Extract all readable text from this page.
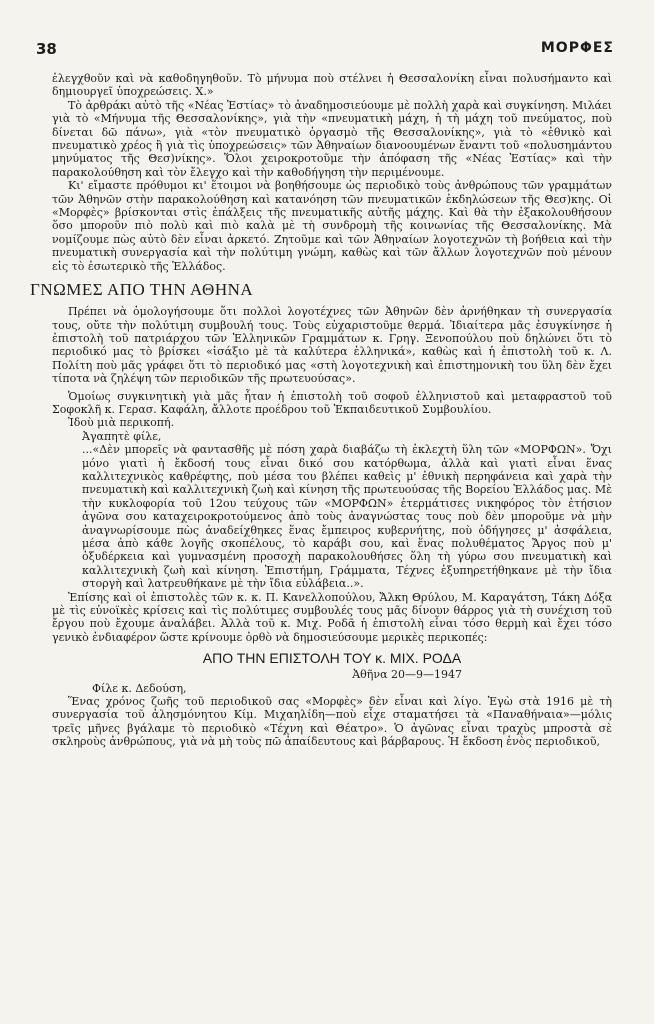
38	ΜΟΡΦΕΣ

ἐλεγχθοῦν καὶ νὰ καθοδηγηθοῦν. Τὸ μήνυμα ποὺ στέλνει ἡ Θεσσαλονίκη εἶναι πολυσήμαντο καὶ δημιουργεῖ ὑποχρεώσεις. Χ.»

Τὸ ἀρθράκι αὐτὸ τῆς «Νέας Ἑστίας» τὸ ἀναδημοσιεύουμε μὲ πολλὴ χαρὰ καὶ συγκίνηση. Μιλάει γιὰ τὸ «Μήνυμα τῆς Θεσσαλονίκης», γιὰ τὴν «πνευματικὴ μάχη, ἡ τὴ μάχη τοῦ πνεύματος, ποὺ δίνεται δῶ πάνω», γιὰ «τὸν πνευματικὸ ὀργασμὸ τῆς Θεσσαλονίκης», γιὰ τὸ «ἐθνικὸ καὶ πνευματικὸ χρέος ἢ γιὰ τὶς ὑποχρεώσεις» τῶν Ἀθηναίων διανοουμένων ἔναντι τοῦ «πολυσημάντου μηνύματος τῆς Θεσ)νίκης». Ὅλοι χειροκροτοῦμε τὴν ἀπόφαση τῆς «Νέας Ἑστίας» καὶ τὴν παρακολούθηση καὶ τὸν ἔλεγχο καὶ τὴν καθοδήγηση τὴν περιμένουμε.

Κι' εἴμαστε πρόθυμοι κι' ἕτοιμοι νὰ βοηθήσουμε ὡς περιοδικὸ τοὺς ἀνθρώπους τῶν γραμμάτων τῶν Ἀθηνῶν στὴν παρακολούθηση καὶ κατανόηση τῶν πνευματικῶν ἐκδηλώσεων τῆς Θεσ)κης. Οἱ «Μορφὲς» βρίσκονται στὶς ἐπάλξεις τῆς πνευματικῆς αὐτῆς μάχης. Καὶ θὰ τὴν ἐξακολουθήσουν ὅσο μποροῦν πιὸ πολὺ καὶ πιὸ καλὰ μὲ τὴ συνδρομὴ τῆς κοινωνίας τῆς Θεσσαλονίκης. Μὰ νομίζουμε πὼς αὐτὸ δὲν εἶναι ἀρκετό. Ζητοῦμε καὶ τῶν Ἀθηναίων λογοτεχνῶν τὴ βοήθεια καὶ τὴν πνευματικὴ συνεργασία καὶ τὴν πολύτιμη γνώμη, καθὼς καὶ τῶν ἄλλων λογοτεχνῶν ποὺ μένουν εἰς τὸ ἐσωτερικὸ τῆς Ἑλλάδος.

ΓΝΩΜΕΣ ΑΠΟ ΤΗΝ ΑΘΗΝΑ

Πρέπει νὰ ὁμολογήσουμε ὅτι πολλοὶ λογοτέχνες τῶν Ἀθηνῶν δὲν ἀρνήθηκαν τὴ συνεργασία τους, οὔτε τὴν πολύτιμη συμβουλή τους. Τοὺς εὐχαριστοῦμε θερμά. Ἰδιαίτερα μᾶς ἐσυγκίνησε ἡ ἐπιστολὴ τοῦ πατριάρχου τῶν Ἑλληνικῶν Γραμμάτων κ. Γρηγ. Ξενοπούλου ποὺ δηλώνει ὅτι τὸ περιοδικό μας τὸ βρίσκει «ἰσάξιο μὲ τὰ καλύτερα ἑλληνικά», καθὼς καὶ ἡ ἐπιστολὴ τοῦ κ. Λ. Πολίτη ποὺ μᾶς γράφει ὅτι τὸ περιοδικό μας «στὴ λογοτεχνικὴ καὶ ἐπιστημονικὴ του ὕλη δὲν ἔχει τίποτα νὰ ζηλέψη τῶν περιοδικῶν τῆς πρωτευούσας».

Ὁμοίως συγκινητικὴ γιὰ μᾶς ἦταν ἡ ἐπιστολὴ τοῦ σοφοῦ ἑλληνιστοῦ καὶ μεταφραστοῦ τοῦ Σοφοκλῆ κ. Γερασ. Καφάλη, ἄλλοτε προέδρου τοῦ Ἐκπαιδευτικοῦ Συμβουλίου.

Ἰδοὺ μιὰ περικοπή.

Ἀγαπητὲ φίλε,

...«Δὲν μπορεῖς νὰ φαντασθῆς μὲ πόση χαρὰ διαβάζω τὴ ἐκλεχτὴ ὕλη τῶν «ΜΟΡΦΩΝ». Ὄχι μόνο γιατὶ ἡ ἔκδοσή τους εἶναι δικό σου κατόρθωμα, ἀλλὰ καὶ γιατὶ εἶναι ἕνας καλλιτεχνικὸς καθρέφτης, ποὺ μέσα του βλέπει καθεὶς μ' ἐθνικὴ περηφάνεια καὶ χαρὰ τὴν πνευματικὴ καὶ καλλιτεχνικὴ ζωὴ καὶ κίνηση τῆς πρωτευούσας τῆς Βορείου Ἑλλάδος μας. Μὲ τὴν κυκλοφορία τοῦ 12ου τεύχους τῶν «ΜΟΡΦΩΝ» ἐτερμάτισες νικηφόρος τὸν ἐτήσιον ἀγῶνα σου καταχειροκροτούμενος ἀπὸ τοὺς ἀναγνώστας τους ποὺ δὲν μποροῦμε νὰ μὴν ἀναγνωρίσουμε πὼς ἀναδείχθηκες ἕνας ἔμπειρος κυβερνήτης, ποὺ ὁδήγησες μ' ἀσφάλεια, μέσα ἀπὸ κάθε λογῆς σκοπέλους, τὸ καράβι σου, καὶ ἕνας πολυθέματος Ἄργος ποὺ μ' ὀξυδέρκεια καὶ γυμνασμένη προσοχὴ παρακολουθήσες ὅλη τὴ γύρω σου πνευματικὴ καὶ καλλιτεχνικὴ ζωὴ καὶ κίνηση. Ἐπιστήμη, Γράμματα, Τέχνες ἐξυπηρετήθηκανε μὲ τὴν ἴδια στοργὴ καὶ λατρευθήκανε μὲ τὴν ἴδια εὐλάβεια..».

Ἐπίσης καὶ οἱ ἐπιστολὲς τῶν κ. κ. Π. Κανελλοπούλου, Ἄλκη Θρύλου, Μ. Καραγάτση, Τάκη Δόξα μὲ τὶς εὐνοϊκὲς κρίσεις καὶ τὶς πολύτιμες συμβουλές τους μᾶς δίνουν θάρρος γιὰ τὴ συνέχιση τοῦ ἔργου ποὺ ἔχουμε ἀναλάβει. Ἀλλὰ τοῦ κ. Μιχ. Ροδᾶ ἡ ἐπιστολὴ εἶναι τόσο θερμὴ καὶ ἔχει τόσο γενικὸ ἐνδιαφέρον ὥστε κρίνουμε ὀρθὸ νὰ δημοσιεύσουμε μερικὲς περικοπές:

ΑΠΟ ΤΗΝ ΕΠΙΣΤΟΛΗ ΤΟΥ κ. ΜΙΧ. ΡΟΔΑ

Ἀθῆνα 20—9—1947

Φίλε κ. Δεδούση,

Ἕνας χρόνος ζωῆς τοῦ περιοδικοῦ σας «Μορφὲς» δὲν εἶναι καὶ λίγο. Ἐγὼ στὰ 1916 μὲ τὴ συνεργασία τοῦ ἀλησμόνητου Κίμ. Μιχαηλίδη—ποὺ εἶχε σταματήσει τὰ «Παναθήναια»—μόλις τρεῖς μῆνες βγάλαμε τὸ περιοδικὸ «Τέχνη καὶ Θέατρο». Ὁ ἀγῶνας εἶναι τραχὺς μπροστὰ σὲ σκληροὺς ἀνθρώπους, γιὰ νὰ μὴ τοὺς πῶ ἀπαίδευτους καὶ βάρβαρους. Ἡ ἔκδοση ἑνὸς περιοδικοῦ,
